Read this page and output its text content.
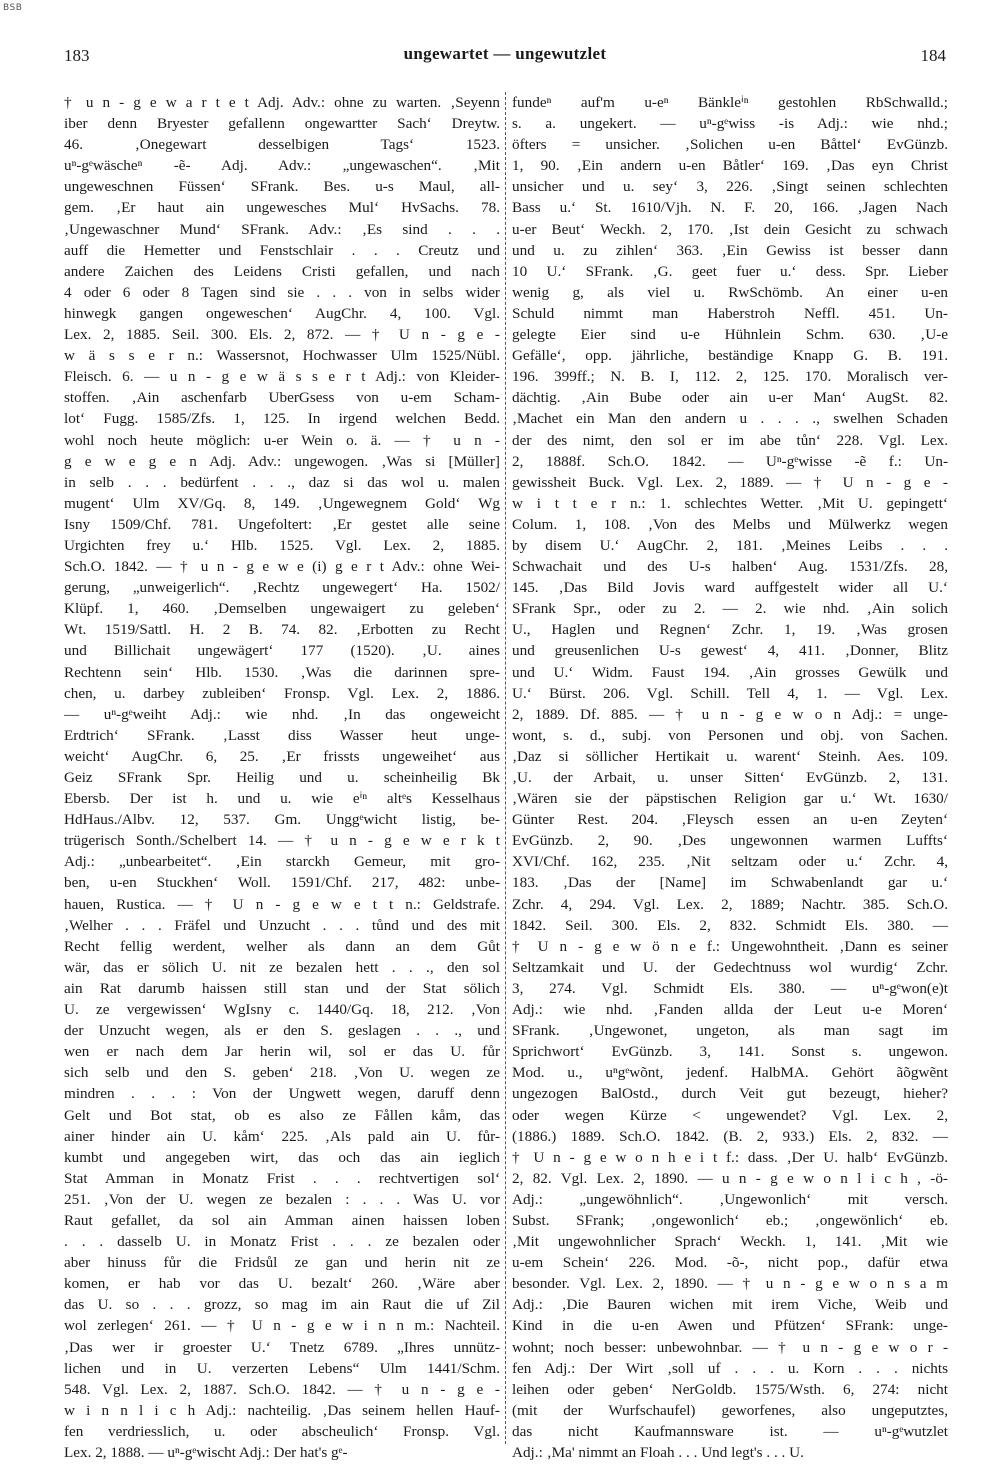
BSB
183	ungewartet — ungewutzlet	184
† u n - g e w a r t e t Adj. Adv.: ohne zu warten. ‚Seyenn
iber denn Bryester gefallenn ongewartter Sach‘ Dreytw.
46. ‚Onegewart desselbigen Tags‘ 1523.
uⁿ-gᵉwäscheⁿ -ẽ- Adj. Adv.: „ungewaschen“. ‚Mit
ungeweschnen Füssen‘ SFrank. Bes. u-s Maul, all-
gem. ‚Er haut ain ungewesches Mul‘ HvSachs. 78.
‚Ungewaschner Mund‘ SFrank. Adv.: ‚Es sind . . .
auff die Hemetter und Fenstschlair . . . Creutz und
andere Zaichen des Leidens Cristi gefallen, und nach
4 oder 6 oder 8 Tagen sind sie . . . von in selbs wider
hinwegk gangen ongeweschen‘ AugChr. 4, 100. Vgl.
Lex. 2, 1885. Seil. 300. Els. 2, 872. — † U n - g e -
w ä s s e r n.: Wassersnot, Hochwasser Ulm 1525/Nübl.
Fleisch. 6. — u n - g e w ä s s e r t Adj.: von Kleider-
stoffen. ‚Ain aschenfarb UberGsess von u-em Scham-
lot‘ Fugg. 1585/Zfs. 1, 125. In irgend welchen Bedd.
wohl noch heute möglich: u-er Wein o. ä. — † u n -
g e w e g e n Adj. Adv.: ungewogen. ‚Was si [Müller]
in selb . . . bedürfent . . ., daz si das wol u. malen
mugent‘ Ulm XV/Gq. 8, 149. ‚Ungewegnem Gold‘ Wg
Isny 1509/Chf. 781. Ungefoltert: ‚Er gestet alle seine
Urgichten frey u.‘ Hlb. 1525. Vgl. Lex. 2, 1885.
Sch.O. 1842. — † u n - g e w e (i) g e r t Adv.: ohne Wei-
gerung, „unweigerlich“. ‚Rechtz ungewegert‘ Ha. 1502/
Klüpf. 1, 460. ‚Demselben ungewaigert zu geleben‘
Wt. 1519/Sattl. H. 2 B. 74. 82. ‚Erbotten zu Recht
und Billichait ungewägert‘ 177 (1520). ‚U. aines
Rechtenn sein‘ Hlb. 1530. ‚Was die darinnen spre-
chen, u. darbey zubleiben‘ Fronsp. Vgl. Lex. 2, 1886.
— uⁿ-gᵉweiht Adj.: wie nhd. ‚In das ongeweicht
Erdtrich‘ SFrank. ‚Lasst diss Wasser heut unge-
weicht‘ AugChr. 6, 25. ‚Er frissts ungeweihet‘ aus
Geiz SFrank Spr. Heilig und u. scheinheilig Bk
Ebersb. Der ist h. und u. wie eⁱⁿ altᵉs Kesselhaus
HdHaus./Albv. 12, 537. Gm. Unggᵉwicht listig, be-
trügerisch Sonth./Schelbert 14. — † u n - g e w e r k t
Adj.: „unbearbeitet“. ‚Ein starckh Gemeur, mit gro-
ben, u-en Stuckhen‘ Woll. 1591/Chf. 217, 482: unbe-
hauen, Rustica. — † U n - g e w e t t n.: Geldstrafe.
‚Welher . . . Fräfel und Unzucht . . . tůnd und des mit
Recht fellig werdent, welher als dann an dem Gůt
wär, das er sölich U. nit ze bezalen hett . . ., den sol
ain Rat darumb haissen still stan und der Stat sölich
U. ze vergewissen‘ WgIsny c. 1440/Gq. 18, 212. ‚Von
der Unzucht wegen, als er den S. geslagen . . ., und
wen er nach dem Jar herin wil, sol er das U. fůr
sich selb und den S. geben‘ 218. ‚Von U. wegen ze
mindren . . . : Von der Ungwett wegen, daruff denn
Gelt und Bot stat, ob es also ze Fållen kåm, das
ainer hinder ain U. kåm‘ 225. ‚Als pald ain U. fůr-
kumbt und angegeben wirt, das och das ain ieglich
Stat Amman in Monatz Frist . . . rechtvertigen sol‘
251. ‚Von der U. wegen ze bezalen : . . . Was U. vor
Raut gefallet, da sol ain Amman ainen haissen loben
. . . dasselb U. in Monatz Frist . . . ze bezalen oder
aber hinuss fůr die Fridsůl ze gan und herin nit ze
komen, er hab vor das U. bezalt‘ 260. ‚Wäre aber
das U. so . . . grozz, so mag im ain Raut die uf Zil
wol zerlegen‘ 261. — † U n - g e w i n n m.: Nachteil.
‚Das wer ir groester U.‘ Tnetz 6789. „Ihres unnütz-
lichen und in U. verzerten Lebens“ Ulm 1441/Schm.
548. Vgl. Lex. 2, 1887. Sch.O. 1842. — † u n - g e -
w i n n l i c h Adj.: nachteilig. ‚Das seinem hellen Hauf-
fen verdriesslich, u. oder abscheulich‘ Fronsp. Vgl.
Lex. 2, 1888. — uⁿ-gᵉwischt Adj.: Der hat's gᵉ-
fundeⁿ auf'm u-eⁿ Bänkleⁱⁿ gestohlen RbSchwalld.;
s. a. ungekert. — uⁿ-gᵉwiss -is Adj.: wie nhd.;
öfters = unsicher. ‚Solichen u-en Båttel‘ EvGünzb.
1, 90. ‚Ein andern u-en Båtler‘ 169. ‚Das eyn Christ
unsicher und u. sey‘ 3, 226. ‚Singt seinen schlechten
Bass u.‘ St. 1610/Vjh. N. F. 20, 166. ‚Jagen Nach
u-er Beut‘ Weckh. 2, 170. ‚Ist dein Gesicht zu schwach
und u. zu zihlen‘ 363. ‚Ein Gewiss ist besser dann
10 U.‘ SFrank. ‚G. geet fuer u.‘ dess. Spr. Lieber
wenig g, als viel u. RwSchömb. An einer u-en
Schuld nimmt man Haberstroh Neffl. 451. Un-
gelegte Eier sind u-e Hühnlein Schm. 630. ‚U-e
Gefälle‘, opp. jährliche, beständige Knapp G. B. 191.
196. 399ff.; N. B. I, 112. 2, 125. 170. Moralisch ver-
dächtig. ‚Ain Bube oder ain u-er Man‘ AugSt. 82.
‚Machet ein Man den andern u . . . ., swelhen Schaden
der des nimt, den sol er im abe tůn‘ 228. Vgl. Lex.
2, 1888f. Sch.O. 1842. — Uⁿ-gᵉwisse -ẽ f.: Un-
gewissheit Buck. Vgl. Lex. 2, 1889. — † U n - g e -
w i t t e r n.: 1. schlechtes Wetter. ‚Mit U. gepingett‘
Colum. 1, 108. ‚Von des Melbs und Mülwerkz wegen
by disem U.‘ AugChr. 2, 181. ‚Meines Leibs . . .
Schwachait und des U-s halben‘ Aug. 1531/Zfs. 28,
145. ‚Das Bild Jovis ward auffgestelt wider all U.‘
SFrank Spr., oder zu 2. — 2. wie nhd. ‚Ain solich
U., Haglen und Regnen‘ Zchr. 1, 19. ‚Was grosen
und greusenlichen U-s gewest‘ 4, 411. ‚Donner, Blitz
und U.‘ Widm. Faust 194. ‚Ain grosses Gewülk und
U.‘ Bürst. 206. Vgl. Schill. Tell 4, 1. — Vgl. Lex.
2, 1889. Df. 885. — † u n - g e w o n Adj.: = unge-
wont, s. d., subj. von Personen und obj. von Sachen.
‚Daz si söllicher Hertikait u. warent‘ Steinh. Aes. 109.
‚U. der Arbait, u. unser Sitten‘ EvGünzb. 2, 131.
‚Wären sie der päpstischen Religion gar u.‘ Wt. 1630/
Günter Rest. 204. ‚Fleysch essen an u-en Zeyten‘
EvGünzb. 2, 90. ‚Des ungewonnen warmen Luffts‘
XVI/Chf. 162, 235. ‚Nit seltzam oder u.‘ Zchr. 4,
183. ‚Das der [Name] im Schwabenlandt gar u.‘
Zchr. 4, 294. Vgl. Lex. 2, 1889; Nachtr. 385. Sch.O.
1842. Seil. 300. Els. 2, 832. Schmidt Els. 380. —
† U n - g e w ö n e f.: Ungewohntheit. ‚Dann es seiner
Seltzamkait und U. der Gedechtnuss wol wurdig‘ Zchr.
3, 274. Vgl. Schmidt Els. 380. — uⁿ-gᵉwon(e)t
Adj.: wie nhd. ‚Fanden allda der Leut u-e Moren‘
SFrank. ‚Ungewonet, ungeton, als man sagt im
Sprichwort‘ EvGünzb. 3, 141. Sonst s. ungewon.
Mod. u., uⁿgᵉwõnt, jedenf. HalbMA. Gehört ãõgwẽnt
ungezogen BalOstd., durch Veit gut bezeugt, hieher?
oder wegen Kürze < ungewendet? Vgl. Lex. 2,
(1886.) 1889. Sch.O. 1842. (B. 2, 933.) Els. 2, 832. —
† U n - g e w o n h e i t f.: dass. ‚Der U. halb‘ EvGünzb.
2, 82. Vgl. Lex. 2, 1890. — u n - g e w o n l i c h , -ö-
Adj.: „ungewöhnlich“. ‚Ungewonlich‘ mit versch.
Subst. SFrank; ‚ongewonlich‘ eb.; ‚ongewönlich‘ eb.
‚Mit ungewohnlicher Sprach‘ Weckh. 1, 141. ‚Mit wie
u-em Schein‘ 226. Mod. -õ-, nicht pop., dafür etwa
besonder. Vgl. Lex. 2, 1890. — † u n - g e w o n s a m
Adj.: ‚Die Bauren wichen mit irem Viche, Weib und
Kind in die u-en Awen und Pfützen‘ SFrank: unge-
wohnt; noch besser: unbewohnbar. — † u n - g e w o r -
fen Adj.: Der Wirt ‚soll uf . . . u. Korn . . . nichts
leihen oder geben‘ NerGoldb. 1575/Wsth. 6, 274: nicht
(mit der Wurfschaufel) geworfenes, also ungeputztes,
das nicht Kaufmannsware ist. — uⁿ-gᵉwutzlet
Adj.: ‚Ma' nimmt an Floah . . . Und legt's . . . U.
